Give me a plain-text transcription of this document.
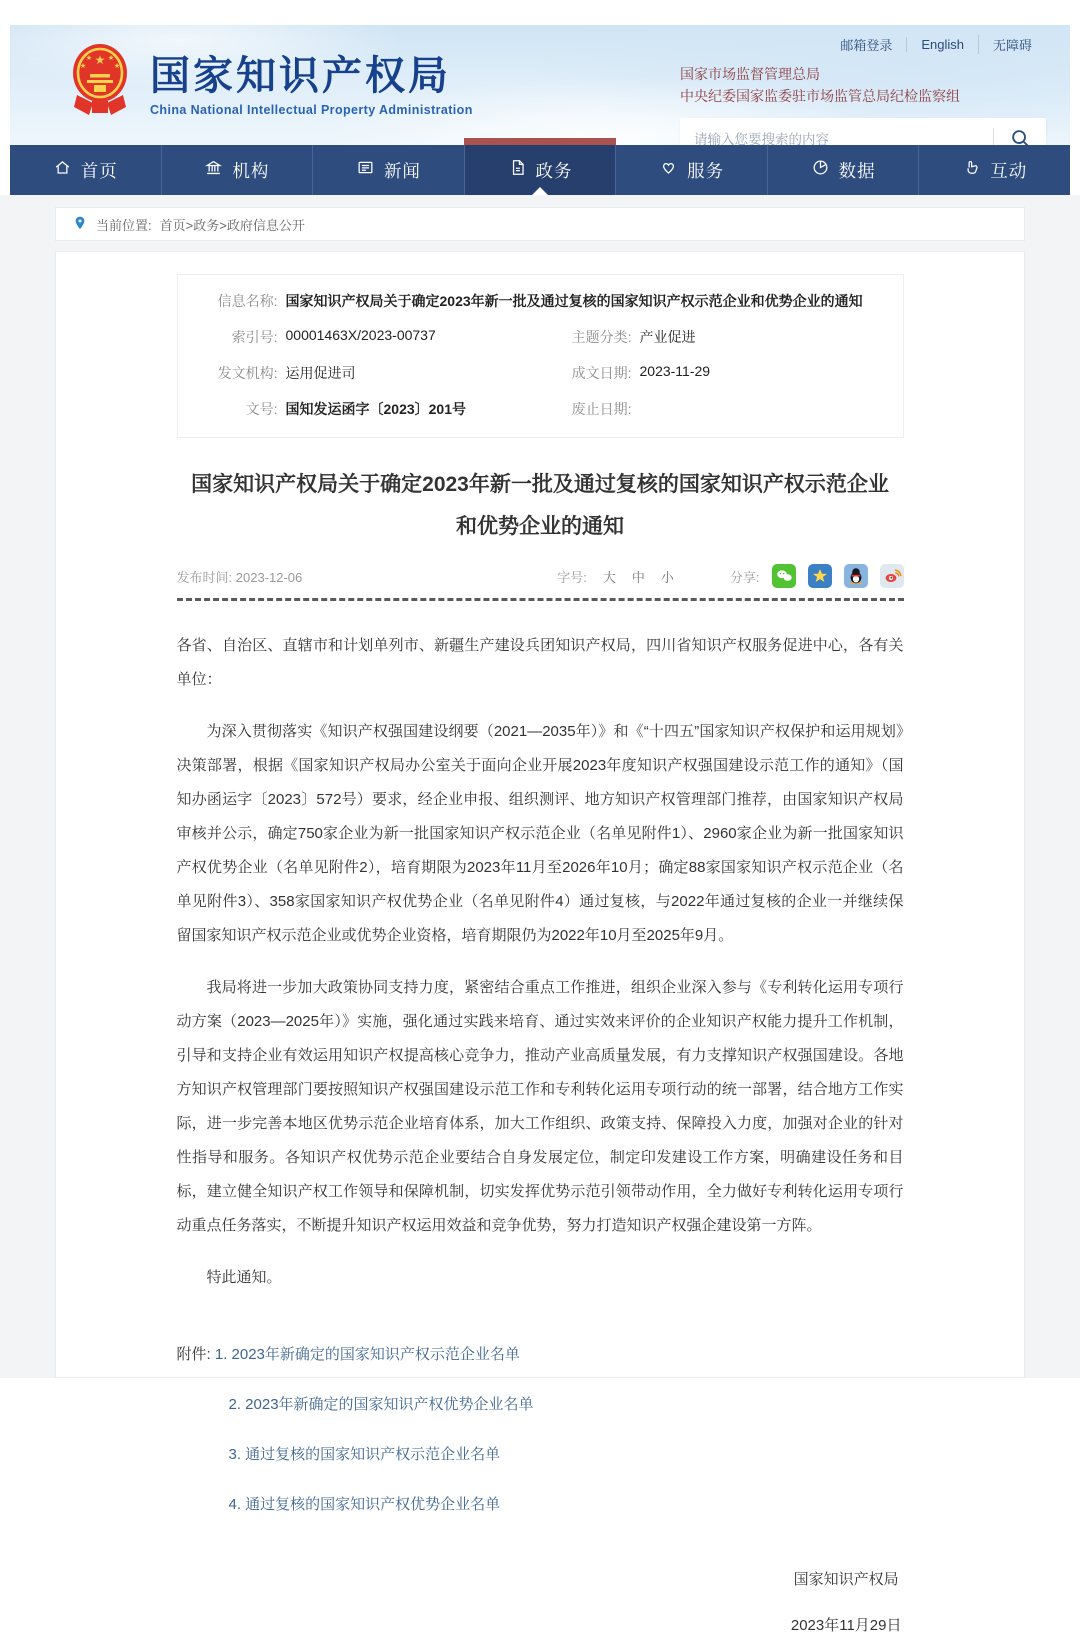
★
★ ★
★	★ 国家知识产权局
China National Intellectual Property Administration
邮箱登录	English	无障碍
国家市场监督管理总局
中央纪委国家监委驻市场监管总局纪检监察组
请输入您要搜索的内容
首页	机构	新闻	政务	服务	数据	互动
当前位置: 首页>政务>政府信息公开
信息名称: 国家知识产权局关于确定2023年新一批及通过复核的国家知识产权示范企业和优势企业的通知
索引号: 00001463X/2023-00737	主题分类: 产业促进
发文机构: 运用促进司	成文日期: 2023-11-29
文号: 国知发运函字〔2023〕201号	废止日期:
国家知识产权局关于确定2023年新一批及通过复核的国家知识产权示范企业
和优势企业的通知
发布时间: 2023-12-06	字号: 大 中 小	分享:

各省、自治区、直辖市和计划单列市、新疆生产建设兵团知识产权局，四川省知识产权服务促进中心，各有关单位：

为深入贯彻落实《知识产权强国建设纲要（2021—2035年）》和《“十四五”国家知识产权保护和运用规划》决策部署，根据《国家知识产权局办公室关于面向企业开展2023年度知识产权强国建设示范工作的通知》（国知办函运字〔2023〕572号）要求，经企业申报、组织测评、地方知识产权管理部门推荐，由国家知识产权局审核并公示，确定750家企业为新一批国家知识产权示范企业（名单见附件1）、2960家企业为新一批国家知识产权优势企业（名单见附件2），培育期限为2023年11月至2026年10月；确定88家国家知识产权示范企业（名单见附件3）、358家国家知识产权优势企业（名单见附件4）通过复核，与2022年通过复核的企业一并继续保留国家知识产权示范企业或优势企业资格，培育期限仍为2022年10月至2025年9月。

我局将进一步加大政策协同支持力度，紧密结合重点工作推进，组织企业深入参与《专利转化运用专项行动方案（2023—2025年）》实施，强化通过实践来培育、通过实效来评价的企业知识产权能力提升工作机制，引导和支持企业有效运用知识产权提高核心竞争力，推动产业高质量发展，有力支撑知识产权强国建设。各地方知识产权管理部门要按照知识产权强国建设示范工作和专利转化运用专项行动的统一部署，结合地方工作实际，进一步完善本地区优势示范企业培育体系，加大工作组织、政策支持、保障投入力度，加强对企业的针对性指导和服务。各知识产权优势示范企业要结合自身发展定位，制定印发建设工作方案，明确建设任务和目标，建立健全知识产权工作领导和保障机制，切实发挥优势示范引领带动作用，全力做好专利转化运用专项行动重点任务落实，不断提升知识产权运用效益和竞争优势，努力打造知识产权强企建设第一方阵。

特此通知。

附件: 1. 2023年新确定的国家知识产权示范企业名单
2. 2023年新确定的国家知识产权优势企业名单
3. 通过复核的国家知识产权示范企业名单
4. 通过复核的国家知识产权优势企业名单
国家知识产权局
2023年11月29日
